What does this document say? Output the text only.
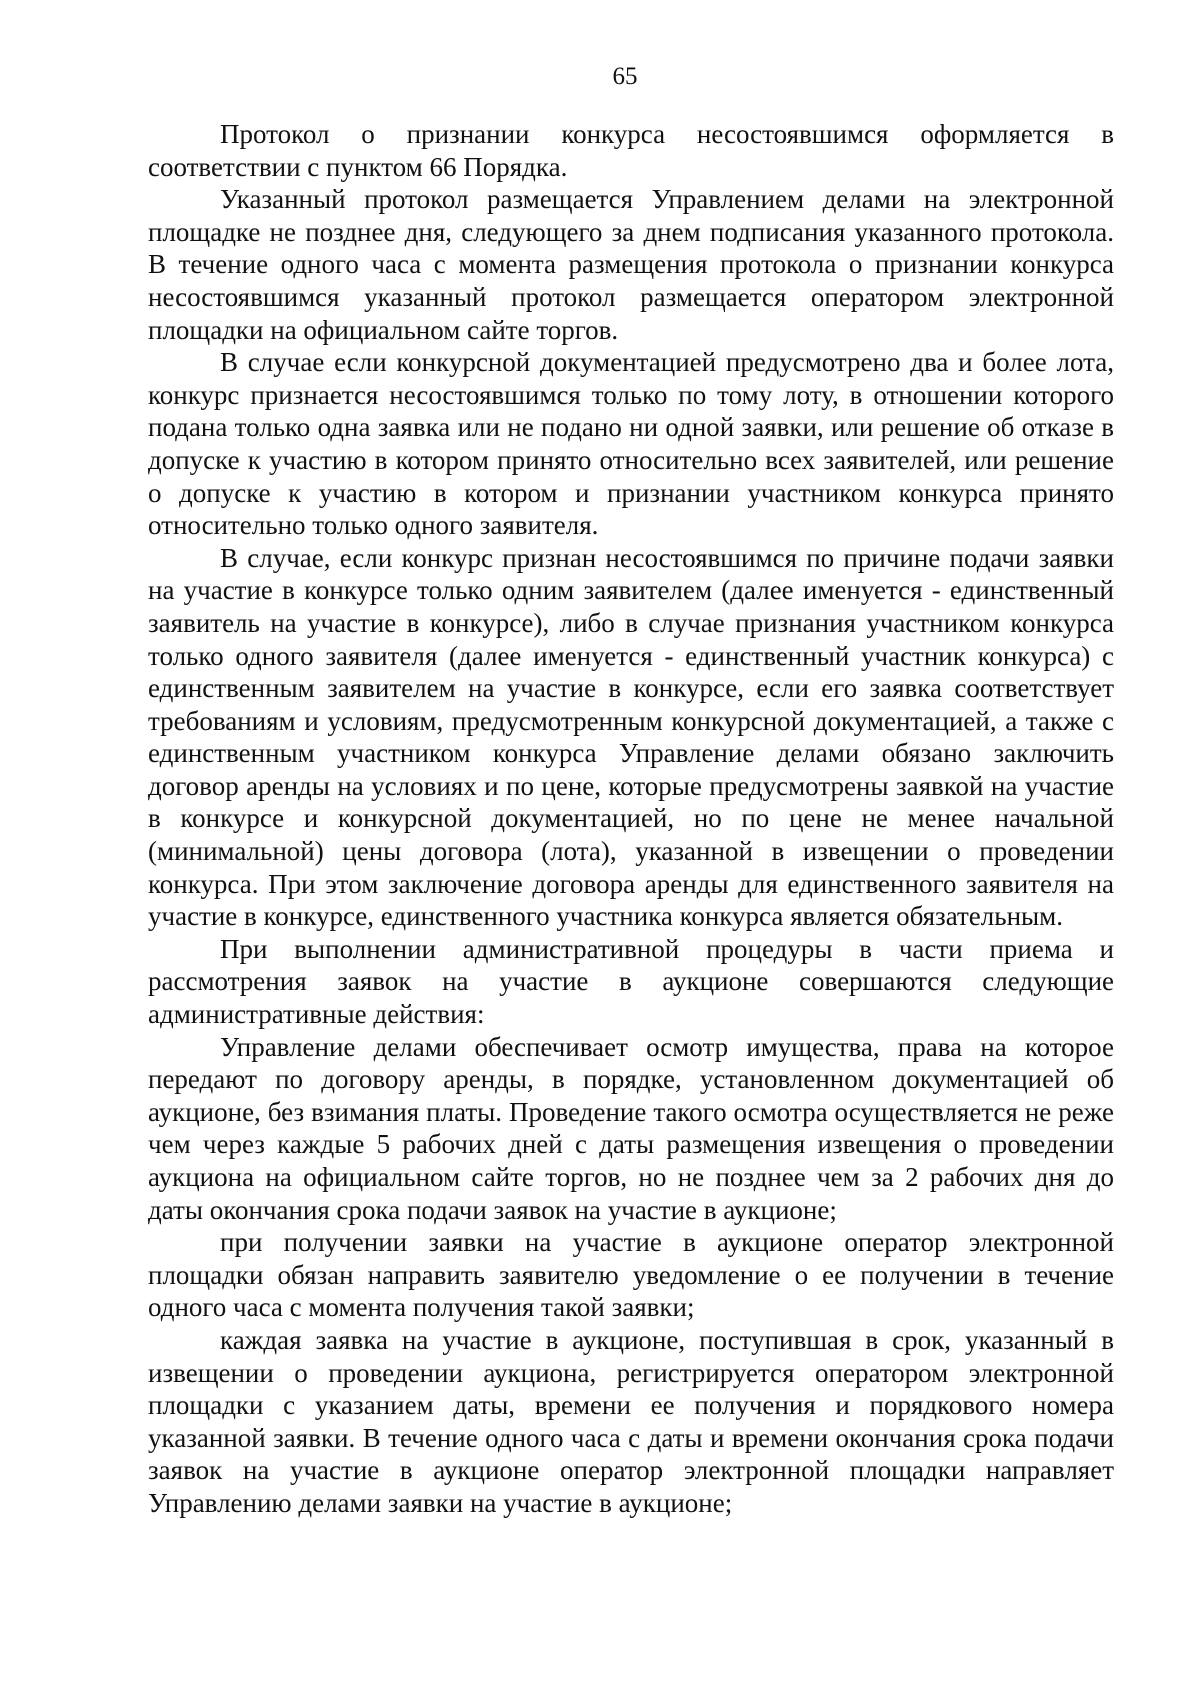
65

Протокол о признании конкурса несостоявшимся оформляется в соответствии с пунктом 66 Порядка.

Указанный протокол размещается Управлением делами на электронной площадке не позднее дня, следующего за днем подписания указанного протокола. В течение одного часа с момента размещения протокола о признании конкурса несостоявшимся указанный протокол размещается оператором электронной площадки на официальном сайте торгов.

В случае если конкурсной документацией предусмотрено два и более лота, конкурс признается несостоявшимся только по тому лоту, в отношении которого подана только одна заявка или не подано ни одной заявки, или решение об отказе в допуске к участию в котором принято относительно всех заявителей, или решение о допуске к участию в котором и признании участником конкурса принято относительно только одного заявителя.

В случае, если конкурс признан несостоявшимся по причине подачи заявки на участие в конкурсе только одним заявителем (далее именуется - единственный заявитель на участие в конкурсе), либо в случае признания участником конкурса только одного заявителя (далее именуется - единственный участник конкурса) с единственным заявителем на участие в конкурсе, если его заявка соответствует требованиям и условиям, предусмотренным конкурсной документацией, а также с единственным участником конкурса Управление делами обязано заключить договор аренды на условиях и по цене, которые предусмотрены заявкой на участие в конкурсе и конкурсной документацией, но по цене не менее начальной (минимальной) цены договора (лота), указанной в извещении о проведении конкурса. При этом заключение договора аренды для единственного заявителя на участие в конкурсе, единственного участника конкурса является обязательным.

При выполнении административной процедуры в части приема и рассмотрения заявок на участие в аукционе совершаются следующие административные действия:

Управление делами обеспечивает осмотр имущества, права на которое передают по договору аренды, в порядке, установленном документацией об аукционе, без взимания платы. Проведение такого осмотра осуществляется не реже чем через каждые 5 рабочих дней с даты размещения извещения о проведении аукциона на официальном сайте торгов, но не позднее чем за 2 рабочих дня до даты окончания срока подачи заявок на участие в аукционе;

при получении заявки на участие в аукционе оператор электронной площадки обязан направить заявителю уведомление о ее получении в течение одного часа с момента получения такой заявки;

каждая заявка на участие в аукционе, поступившая в срок, указанный в извещении о проведении аукциона, регистрируется оператором электронной площадки с указанием даты, времени ее получения и порядкового номера указанной заявки. В течение одного часа с даты и времени окончания срока подачи заявок на участие в аукционе оператор электронной площадки направляет Управлению делами заявки на участие в аукционе;
